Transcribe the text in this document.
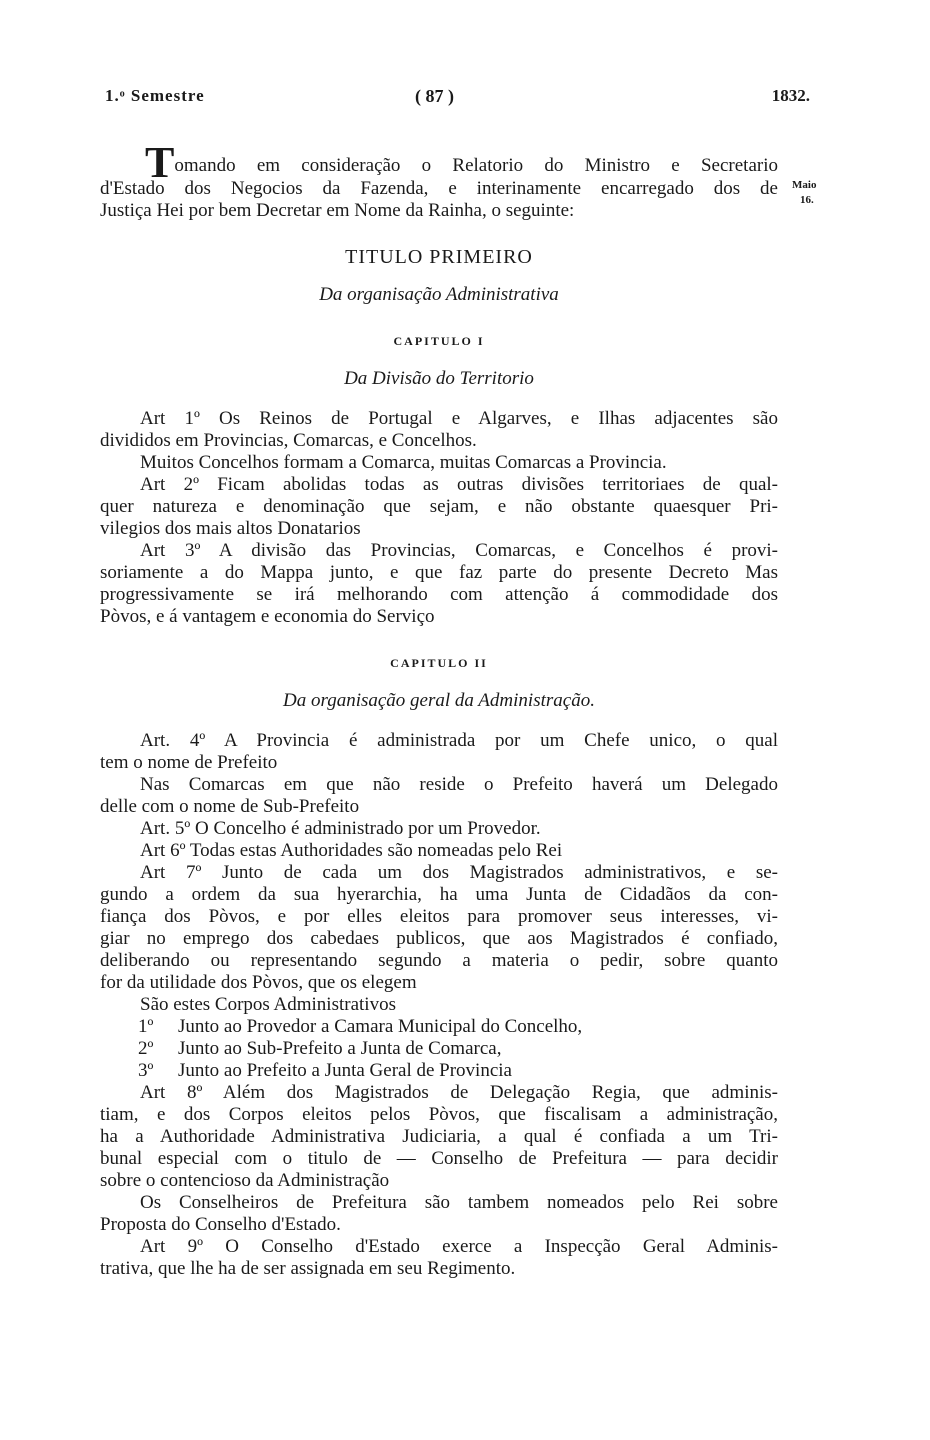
1.ᵒ Semestre	( 87 )	1832.
Maio
16.
Tomando em consideração o Relatorio do Ministro e Secretario
d'Estado dos Negocios da Fazenda, e interinamente encarregado dos de
Justiça Hei por bem Decretar em Nome da Rainha, o seguinte:
TITULO PRIMEIRO
Da organisação Administrativa
CAPITULO I
Da Divisão do Territorio
Art 1º Os Reinos de Portugal e Algarves, e Ilhas adjacentes são
divididos em Provincias, Comarcas, e Concelhos.
Muitos Concelhos formam a Comarca, muitas Comarcas a Provincia.
Art 2º Ficam abolidas todas as outras divisões territoriaes de qual-
quer natureza e denominação que sejam, e não obstante quaesquer Pri-
vilegios dos mais altos Donatarios
Art 3º A divisão das Provincias, Comarcas, e Concelhos é provi-
soriamente a do Mappa junto, e que faz parte do presente Decreto Mas
progressivamente se irá melhorando com attenção á commodidade dos
Pòvos, e á vantagem e economia do Serviço
CAPITULO II
Da organisação geral da Administração.
Art. 4º A Provincia é administrada por um Chefe unico, o qual
tem o nome de Prefeito
Nas Comarcas em que não reside o Prefeito haverá um Delegado
delle com o nome de Sub-Prefeito
Art. 5º O Concelho é administrado por um Provedor.
Art 6º Todas estas Authoridades são nomeadas pelo Rei
Art 7º Junto de cada um dos Magistrados administrativos, e se-
gundo a ordem da sua hyerarchia, ha uma Junta de Cidadãos da con-
fiança dos Pòvos, e por elles eleitos para promover seus interesses, vi-
giar no emprego dos cabedaes publicos, que aos Magistrados é confiado,
deliberando ou representando segundo a materia o pedir, sobre quanto
for da utilidade dos Pòvos, que os elegem
São estes Corpos Administrativos
1º Junto ao Provedor a Camara Municipal do Concelho,
2º Junto ao Sub-Prefeito a Junta de Comarca,
3º Junto ao Prefeito a Junta Geral de Provincia
Art 8º Além dos Magistrados de Delegação Regia, que adminis-
tiam, e dos Corpos eleitos pelos Pòvos, que fiscalisam a administração,
ha a Authoridade Administrativa Judiciaria, a qual é confiada a um Tri-
bunal especial com o titulo de — Conselho de Prefeitura — para decidir
sobre o contencioso da Administração
Os Conselheiros de Prefeitura são tambem nomeados pelo Rei sobre
Proposta do Conselho d'Estado.
Art 9º O Conselho d'Estado exerce a Inspecção Geral Adminis-
trativa, que lhe ha de ser assignada em seu Regimento.
